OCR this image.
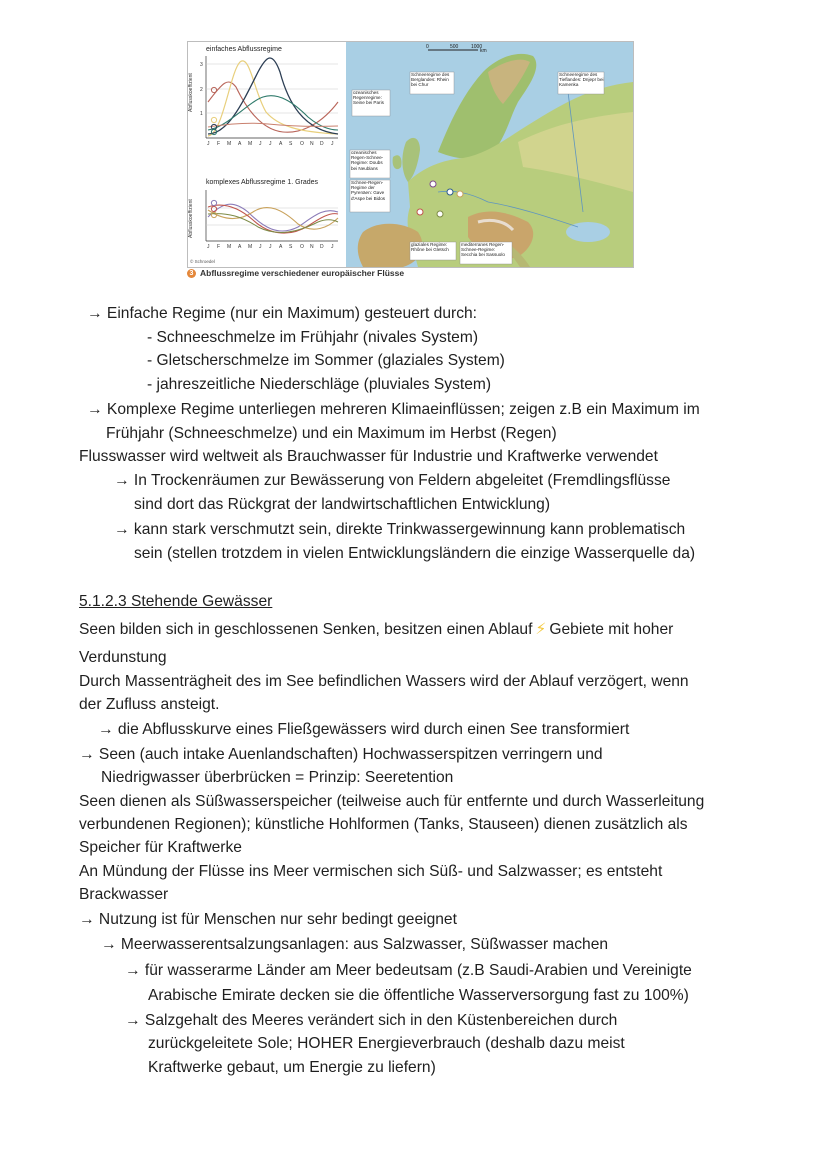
einfaches Abflussregime
Abflusskoeffizient
3
2
1
J F M A M J J A S O N D J
komplexes Abflussregime 1. Grades
Abflusskoeffizient
J F M A M J J A S O N D J
© Schroedel
0	500	1000
km
ozeanisches Regenregime: Seine bei Paris
Schneeregime des Berglandes: Rhein bei Chur
Schneeregime des Tieflandes: Dnjepr bei Kamenka
ozeanisches Regen-Schnee-Regime: Doubs bei Neublans
Schnee-Regen-Regime der Pyrenäen: Gave d'Aspe bei Bidos
glaziales Regime: Rhône bei Gletsch
mediterranes Regen-Schnee-Regime: Secchia bei Sassuolo
3 Abflussregime verschiedener europäischer Flüsse
→ Einfache Regime (nur ein Maximum) gesteuert durch:
- Schneeschmelze im Frühjahr (nivales System)
- Gletscherschmelze im Sommer (glaziales System)
- jahreszeitliche Niederschläge (pluviales System)
→ Komplexe Regime unterliegen mehreren Klimaeinflüssen; zeigen z.B ein Maximum im
Frühjahr (Schneeschmelze) und ein Maximum im Herbst (Regen)
Flusswasser wird weltweit als Brauchwasser für Industrie und Kraftwerke verwendet
→ In Trockenräumen zur Bewässerung von Feldern abgeleitet (Fremdlingsflüsse
sind dort das Rückgrat der landwirtschaftlichen Entwicklung)
→ kann stark verschmutzt sein, direkte Trinkwassergewinnung kann problematisch
sein (stellen trotzdem in vielen Entwicklungsländern die einzige Wasserquelle da)
5.1.2.3 Stehende Gewässer
Seen bilden sich in geschlossenen Senken, besitzen einen Ablauf ⚡ Gebiete mit hoher
Verdunstung
Durch Massenträgheit des im See befindlichen Wassers wird der Ablauf verzögert, wenn
der Zufluss ansteigt.
→ die Abflusskurve eines Fließgewässers wird durch einen See transformiert
→ Seen (auch intake Auenlandschaften) Hochwasserspitzen verringern und
Niedrigwasser überbrücken = Prinzip: Seeretention
Seen dienen als Süßwasserspeicher (teilweise auch für entfernte und durch Wasserleitung
verbundenen Regionen); künstliche Hohlformen (Tanks, Stauseen) dienen zusätzlich als
Speicher für Kraftwerke
An Mündung der Flüsse ins Meer vermischen sich Süß- und Salzwasser; es entsteht
Brackwasser
→ Nutzung ist für Menschen nur sehr bedingt geeignet
→ Meerwasserentsalzungsanlagen: aus Salzwasser, Süßwasser machen
→ für wasserarme Länder am Meer bedeutsam (z.B Saudi-Arabien und Vereinigte
Arabische Emirate decken sie die öffentliche Wasserversorgung fast zu 100%)
→ Salzgehalt des Meeres verändert sich in den Küstenbereichen durch
zurückgeleitete Sole; HOHER Energieverbrauch (deshalb dazu meist
Kraftwerke gebaut, um Energie zu liefern)
